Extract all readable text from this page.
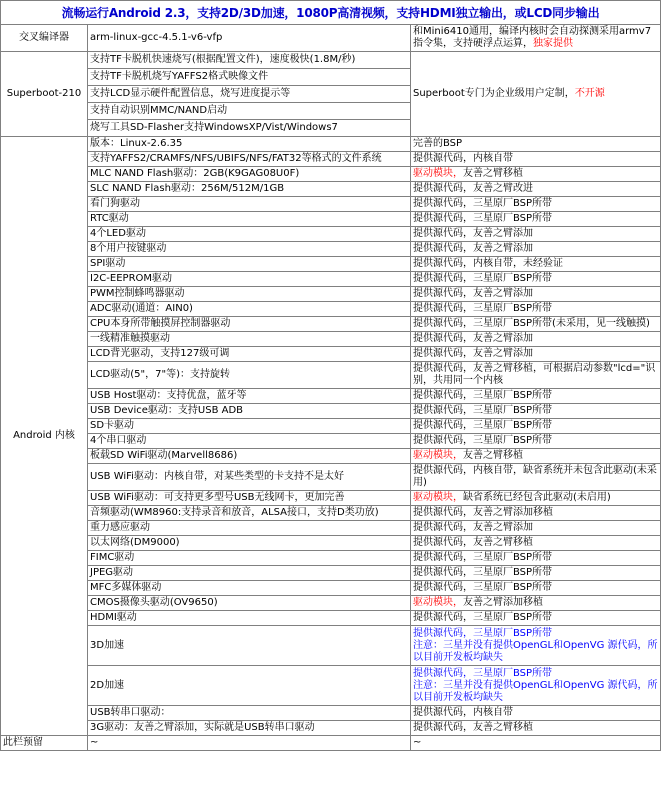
流畅运行Android 2.3，支持2D/3D加速，1080P高清视频，支持HDMI独立输出，或LCD同步输出		
交叉编译器	arm-linux-gcc-4.5.1-v6-vfp	和Mini6410通用，编译内核时会自动探测采用armv7指令集，支持硬浮点运算，独家提供
Superboot-210	支持TF卡脱机快速烧写(根据配置文件)，速度极快(1.8M/秒)	Superboot专门为企业级用户定制，不开源
	支持TF卡脱机烧写YAFFS2格式映像文件	
	支持LCD显示硬件配置信息，烧写进度提示等	
	支持自动识别MMC/NAND启动	
	烧写工具SD-Flasher支持WindowsXP/Vist/Windows7	
Android 内核	版本：Linux-2.6.35	完善的BSP
	支持YAFFS2/CRAMFS/NFS/UBIFS/NFS/FAT32等格式的文件系统	提供源代码，内核自带
	MLC NAND Flash驱动：2GB(K9GAG08U0F)	驱动模块，友善之臂移植
	SLC NAND Flash驱动：256M/512M/1GB	提供源代码，友善之臂改进
	看门狗驱动	提供源代码，三星原厂BSP所带
	RTC驱动	提供源代码，三星原厂BSP所带
	4个LED驱动	提供源代码，友善之臂添加
	8个用户按键驱动	提供源代码，友善之臂添加
	SPI驱动	提供源代码，内核自带，未经验证
	I2C-EEPROM驱动	提供源代码，三星原厂BSP所带
	PWM控制蜂鸣器驱动	提供源代码，友善之臂添加
	ADC驱动(通道：AIN0)	提供源代码，三星原厂BSP所带
	CPU本身所带触摸屏控制器驱动	提供源代码，三星原厂BSP所带(未采用，见一线触摸)
	一线精准触摸驱动	提供源代码，友善之臂添加
	LCD背光驱动，支持127级可调	提供源代码，友善之臂添加
	LCD驱动(5"，7"等)：支持旋转	提供源代码，友善之臂移植，可根据启动参数"lcd="识别，共用同一个内核
	USB Host驱动：支持优盘，蓝牙等	提供源代码，三星原厂BSP所带
	USB Device驱动：支持USB ADB	提供源代码，三星原厂BSP所带
	SD卡驱动	提供源代码，三星原厂BSP所带
	4个串口驱动	提供源代码，三星原厂BSP所带
	板载SD WiFi驱动(Marvell8686)	驱动模块，友善之臂移植
	USB WiFi驱动：内核自带，对某些类型的卡支持不是太好	提供源代码，内核自带，缺省系统并未包含此驱动(未采用)
	USB WiFi驱动：可支持更多型号USB无线网卡，更加完善	驱动模块，缺省系统已经包含此驱动(未启用)
	音频驱动(WM8960:支持录音和放音，ALSA接口，支持D类功放)	提供源代码，友善之臂添加移植
	重力感应驱动	提供源代码，友善之臂添加
	以太网络(DM9000)	提供源代码，友善之臂移植
	FIMC驱动	提供源代码，三星原厂BSP所带
	JPEG驱动	提供源代码，三星原厂BSP所带
	MFC多媒体驱动	提供源代码，三星原厂BSP所带
	CMOS摄像头驱动(OV9650)	驱动模块，友善之臂添加移植
	HDMI驱动	提供源代码，三星原厂BSP所带
	3D加速	提供源代码，三星原厂BSP所带
注意：三星并没有提供OpenGL和OpenVG 源代码，所以目前开发板均缺失
	2D加速	提供源代码，三星原厂BSP所带
注意：三星并没有提供OpenGL和OpenVG 源代码，所以目前开发板均缺失
	USB转串口驱动：	提供源代码，内核自带
	3G驱动：友善之臂添加，实际就是USB转串口驱动	提供源代码，友善之臂移植
此栏预留	~	~
